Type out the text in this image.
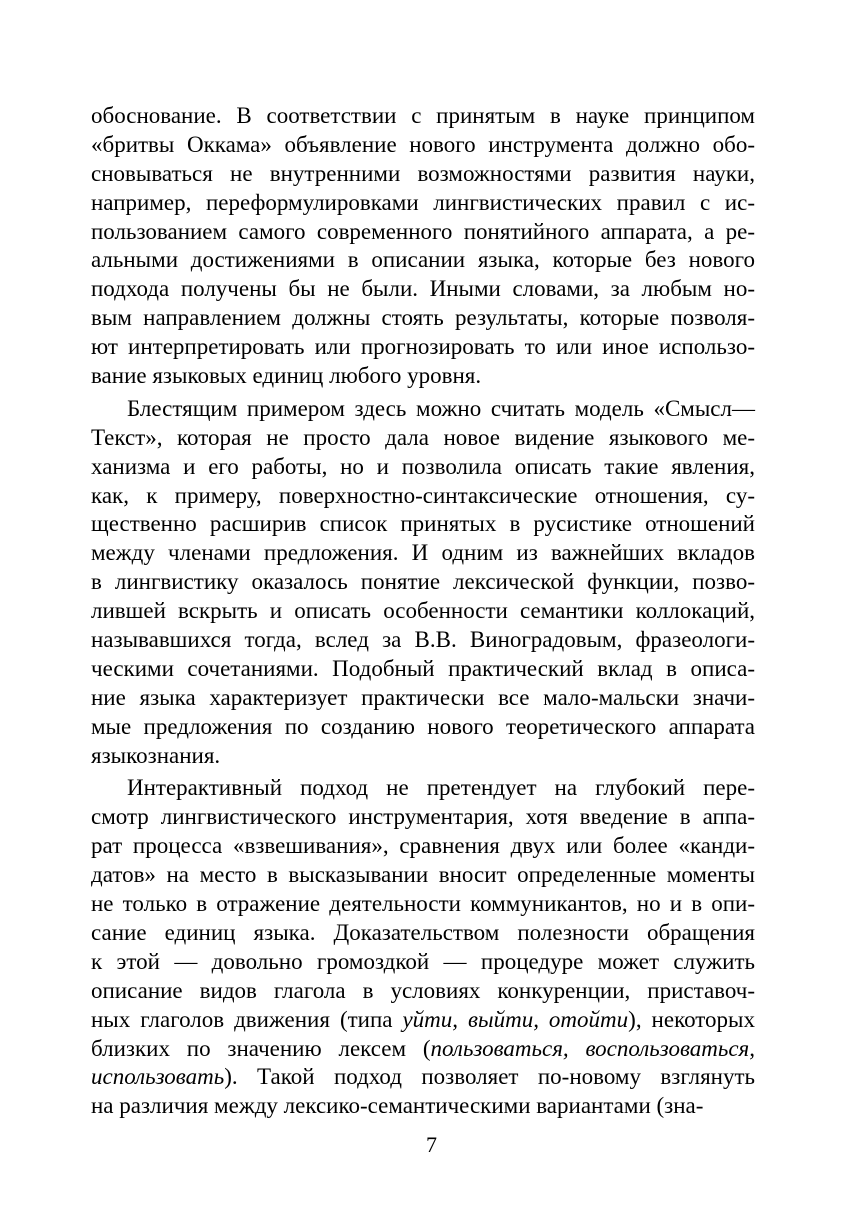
обоснование. В соответствии с принятым в науке принципом
«бритвы Оккама» объявление нового инструмента должно обо-
сновываться не внутренними возможностями развития науки,
например, переформулировками лингвистических правил с ис-
пользованием самого современного понятийного аппарата, а ре-
альными достижениями в описании языка, которые без нового
подхода получены бы не были. Иными словами, за любым но-
вым направлением должны стоять результаты, которые позволя-
ют интерпретировать или прогнозировать то или иное использо-
вание языковых единиц любого уровня.
Блестящим примером здесь можно считать модель «Смысл—
Текст», которая не просто дала новое видение языкового ме-
ханизма и его работы, но и позволила описать такие явления,
как, к примеру, поверхностно-синтаксические отношения, су-
щественно расширив список принятых в русистике отношений
между членами предложения. И одним из важнейших вкладов
в лингвистику оказалось понятие лексической функции, позво-
лившей вскрыть и описать особенности семантики коллокаций,
называвшихся тогда, вслед за В.В. Виноградовым, фразеологи-
ческими сочетаниями. Подобный практический вклад в описа-
ние языка характеризует практически все мало-мальски значи-
мые предложения по созданию нового теоретического аппарата
языкознания.
Интерактивный подход не претендует на глубокий пере-
смотр лингвистического инструментария, хотя введение в аппа-
рат процесса «взвешивания», сравнения двух или более «канди-
датов» на место в высказывании вносит определенные моменты
не только в отражение деятельности коммуникантов, но и в опи-
сание единиц языка. Доказательством полезности обращения
к этой — довольно громоздкой — процедуре может служить
описание видов глагола в условиях конкуренции, приставоч-
ных глаголов движения (типа уйти, выйти, отойти), некоторых
близких по значению лексем (пользоваться, воспользоваться,
использовать). Такой подход позволяет по-новому взглянуть
на различия между лексико-семантическими вариантами (зна-
7
